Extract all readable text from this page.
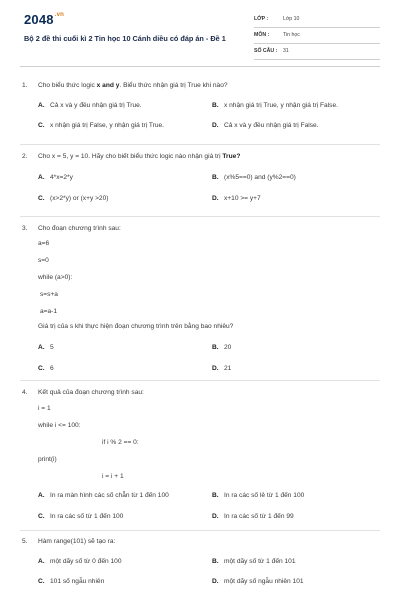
$2048^{.vn}$
Bộ 2 đề thi cuối kì 2 Tin học 10 Cánh diều có đáp án - Đề 1
LỚP :	Lớp 10
MÔN :	Tin học
SỐ CÂU : 31
1. Cho biểu thức logic x and y. Biểu thức nhận giá trị True khi nào?
A. Cả x và y đều nhận giá trị True.	B. x nhận giá trị True, y nhận giá trị False.
C. x nhận giá trị False, y nhận giá trị True.	D. Cả x và y đều nhận giá trị False.
2. Cho x = 5, y = 10. Hãy cho biết biểu thức logic nào nhận giá trị True?
A. 4*x=2*y	B. (x%5==0) and (y%2==0)
C. (x>2*y) or (x+y >20)	D. x+10 >= y+7
3. Cho đoạn chương trình sau:
a=6
s=0
while (a>0):
s=s+a
a=a-1
Giá trị của s khi thực hiện đoạn chương trình trên bằng bao nhiêu?
A. 5	B. 20
C. 6	D. 21
4. Kết quả của đoạn chương trình sau:
i = 1
while i <= 100:
if i % 2 == 0:
print(i)
i = i + 1
A. In ra màn hình các số chẵn từ 1 đến 100	B. In ra các số lẻ từ 1 đến 100
C. In ra các số từ 1 đến 100	D. In ra các số từ 1 đến 99
5. Hàm range(101) sẽ tạo ra:
A. một dãy số từ 0 đến 100	B. một dãy số từ 1 đến 101
C. 101 số ngẫu nhiên	D. một dãy số ngẫu nhiên 101
